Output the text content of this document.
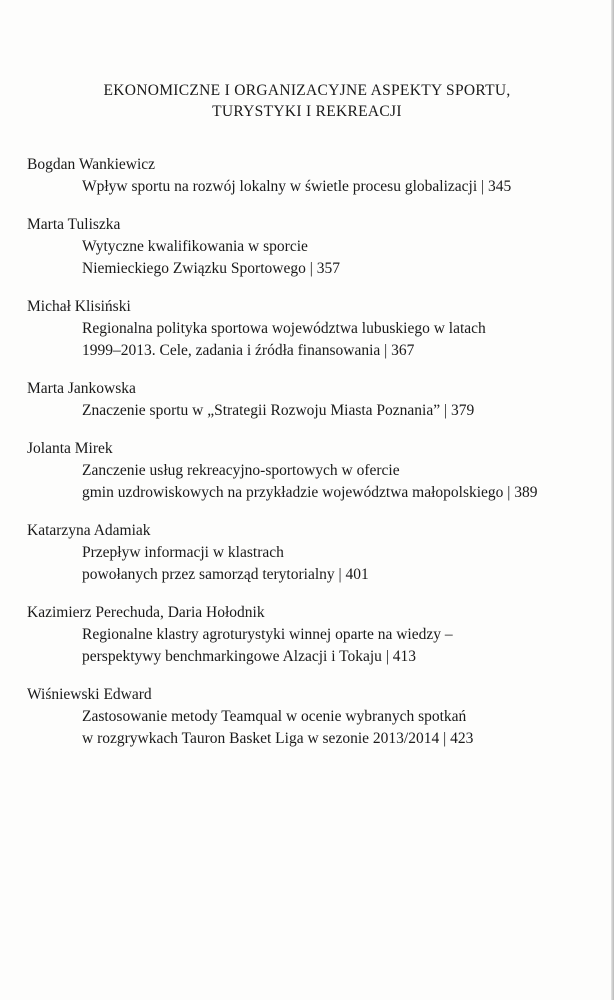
EKONOMICZNE I ORGANIZACYJNE ASPEKTY SPORTU,
TURYSTYKI I REKREACJI
Bogdan Wankiewicz
Wpływ sportu na rozwój lokalny w świetle procesu globalizacji | 345
Marta Tuliszka
Wytyczne kwalifikowania w sporcie
Niemieckiego Związku Sportowego | 357
Michał Klisiński
Regionalna polityka sportowa województwa lubuskiego w latach
1999–2013. Cele, zadania i źródła finansowania | 367
Marta Jankowska
Znaczenie sportu w „Strategii Rozwoju Miasta Poznania” | 379
Jolanta Mirek
Zanczenie usług rekreacyjno-sportowych w ofercie
gmin uzdrowiskowych na przykładzie województwa małopolskiego | 389
Katarzyna Adamiak
Przepływ informacji w klastrach
powołanych przez samorząd terytorialny | 401
Kazimierz Perechuda, Daria Hołodnik
Regionalne klastry agroturystyki winnej oparte na wiedzy –
perspektywy benchmarkingowe Alzacji i Tokaju | 413
Wiśniewski Edward
Zastosowanie metody Teamqual w ocenie wybranych spotkań
w rozgrywkach Tauron Basket Liga w sezonie 2013/2014 | 423
